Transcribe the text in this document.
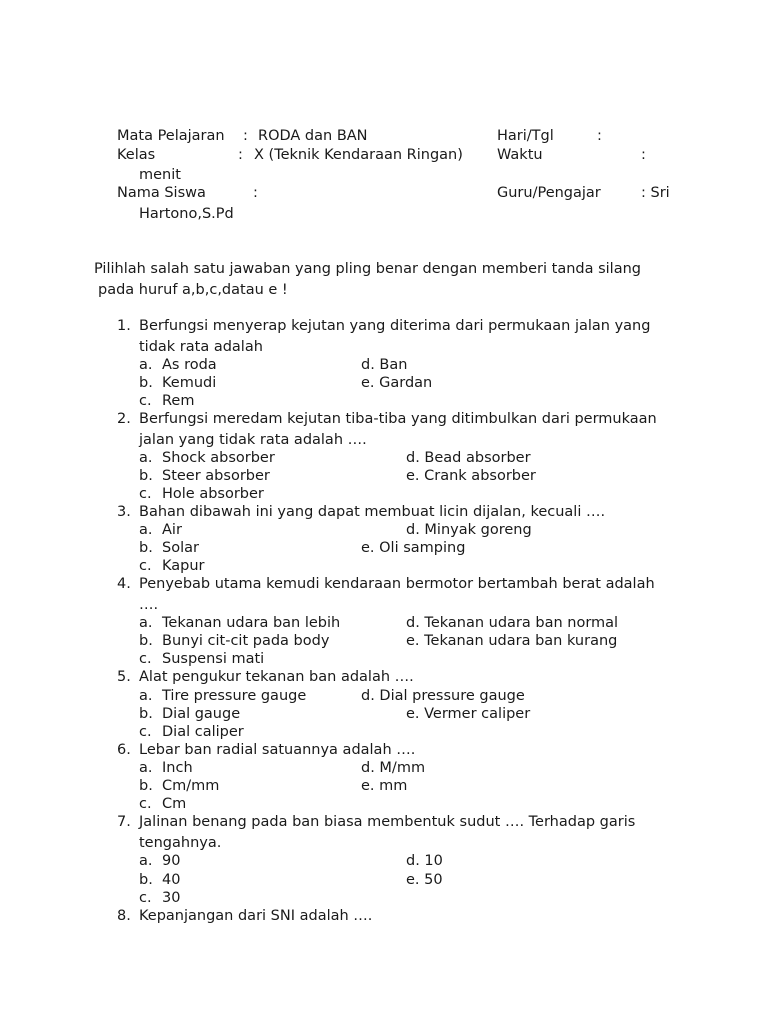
Mata Pelajaran : RODA dan BAN	Hari/Tgl	:
Kelas	: X (Teknik Kendaraan Ringan) Waktu	:
menit
Nama Siswa	:	Guru/Pengajar	: Sri
Hartono,S.Pd
Pilihlah salah satu jawaban yang pling benar dengan memberi tanda silang
pada huruf a,b,c,datau e !
1. Berfungsi menyerap kejutan yang diterima dari permukaan jalan yang
tidak rata adalah
a. As roda
b. Kemudi
c. Rem
d. Ban
e. Gardan
2. Berfungsi meredam kejutan tiba-tiba yang ditimbulkan dari permukaan
jalan yang tidak rata adalah ….
a. Shock absorber
b. Steer absorber
c. Hole absorber
d. Bead absorber
e. Crank absorber
3. Bahan dibawah ini yang dapat membuat licin dijalan, kecuali ….
a. Air
b. Solar
c. Kapur
d. Minyak goreng
e. Oli samping
4. Penyebab utama kemudi kendaraan bermotor bertambah berat adalah
….
a. Tekanan udara ban lebih
b. Bunyi cit-cit pada body
c. Suspensi mati
d. Tekanan udara ban normal
e. Tekanan udara ban kurang
5. Alat pengukur tekanan ban adalah ….
a. Tire pressure gauge
b. Dial gauge
c. Dial caliper
d. Dial pressure gauge
e. Vermer caliper
6. Lebar ban radial satuannya adalah ….
a. Inch
b. Cm/mm
c. Cm
d. M/mm
e. mm
7. Jalinan benang pada ban biasa membentuk sudut …. Terhadap garis
tengahnya.
a. 90
b. 40
c. 30
d. 10
e. 50
8. Kepanjangan dari SNI adalah ….
